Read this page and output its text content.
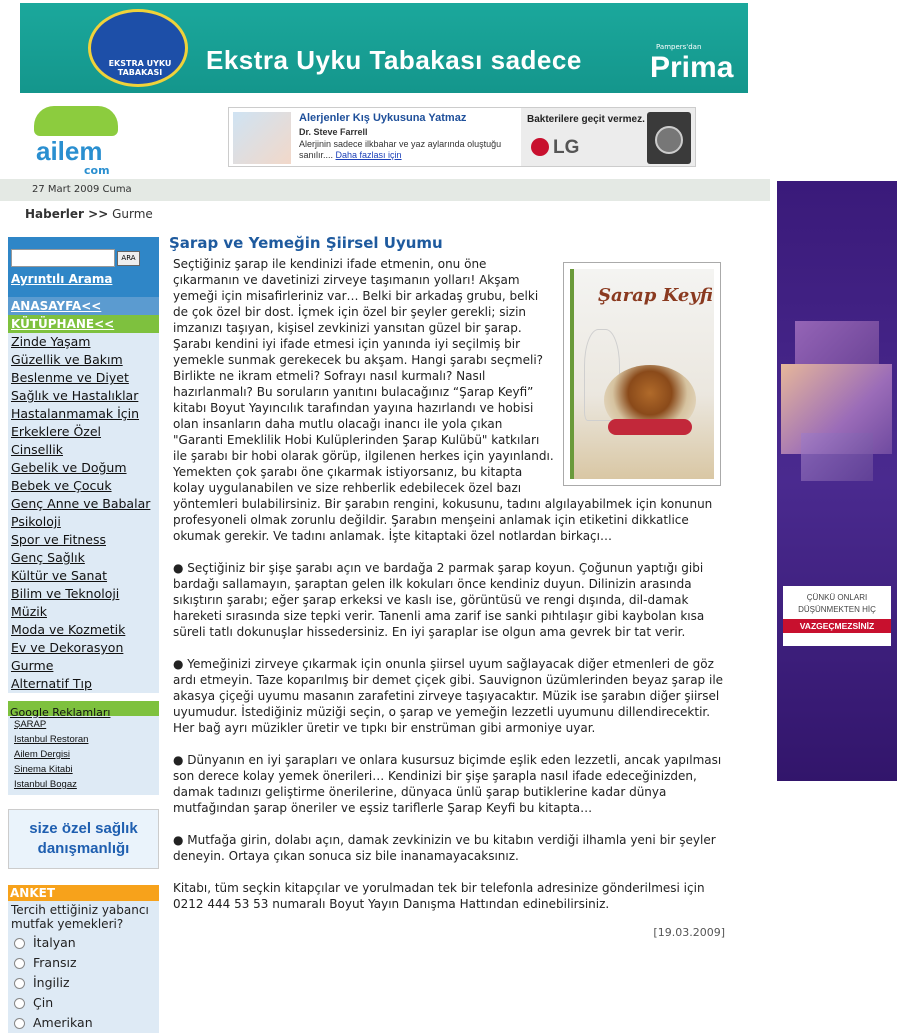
EKSTRA UYKU TABAKASI	Ekstra Uyku Tabakası sadece	Pampers'dan
Prima
ailem
com
Alerjenler Kış Uykusuna Yatmaz
Dr. Steve Farrell
Alerjinin sadece ilkbahar ve yaz aylarında oluştuğu sanılır.... Daha fazlası için
Bakterilere geçit vermez.
LG
27 Mart 2009 Cuma
Haberler >> Gurme
ARA
Ayrıntılı Arama
ANASAYFA<<
KÜTÜPHANE<<
Zinde Yaşam
Güzellik ve Bakım
Beslenme ve Diyet
Sağlık ve Hastalıklar
Hastalanmamak İçin
Erkeklere Özel
Cinsellik
Gebelik ve Doğum
Bebek ve Çocuk
Genç Anne ve Babalar
Psikoloji
Spor ve Fitness
Genç Sağlık
Kültür ve Sanat
Bilim ve Teknoloji
Müzik
Moda ve Kozmetik
Ev ve Dekorasyon
Gurme
Alternatif Tıp
Google Reklamları
ŞARAP
Istanbul Restoran
Ailem Dergisi
Sinema Kitabi
Istanbul Bogaz
size özel sağlık
danışmanlığı
ANKET
Tercih ettiğiniz yabancı mutfak yemekleri?
İtalyan
Fransız
İngiliz
Çin
Amerikan
Şarap ve Yemeğin Şiirsel Uyumu
Şarap Keyfi

Seçtiğiniz şarap ile kendinizi ifade etmenin, onu öne çıkarmanın ve davetinizi zirveye taşımanın yolları! Akşam yemeği için misafirleriniz var… Belki bir arkadaş grubu, belki de çok özel bir dost. İçmek için özel bir şeyler gerekli; sizin imzanızı taşıyan, kişisel zevkinizi yansıtan güzel bir şarap. Şarabı kendini iyi ifade etmesi için yanında iyi seçilmiş bir yemekle sunmak gerekecek bu akşam. Hangi şarabı seçmeli? Birlikte ne ikram etmeli? Sofrayı nasıl kurmalı? Nasıl hazırlanmalı? Bu soruların yanıtını bulacağınız “Şarap Keyfi” kitabı Boyut Yayıncılık tarafından yayına hazırlandı ve hobisi olan insanların daha mutlu olacağı inancı ile yola çıkan "Garanti Emeklilik Hobi Kulüplerinden Şarap Kulübü" katkıları ile şarabı bir hobi olarak görüp, ilgilenen herkes için yayınlandı. Yemekten çok şarabı öne çıkarmak istiyorsanız, bu kitapta kolay uygulanabilen ve size rehberlik edebilecek özel bazı yöntemleri bulabilirsiniz. Bir şarabın rengini, kokusunu, tadını algılayabilmek için konunun profesyoneli olmak zorunlu değildir. Şarabın menşeini anlamak için etiketini dikkatlice okumak gerekir. Ve tadını anlamak. İşte kitaptaki özel notlardan birkaçı…

● Seçtiğiniz bir şişe şarabı açın ve bardağa 2 parmak şarap koyun. Çoğunun yaptığı gibi bardağı sallamayın, şaraptan gelen ilk kokuları önce kendiniz duyun. Dilinizin arasında sıkıştırın şarabı; eğer şarap erkeksi ve kaslı ise, görüntüsü ve rengi dışında, dil-damak hareketi sırasında size tepki verir. Tanenli ama zarif ise sanki pıhtılaşır gibi kaybolan kısa süreli tatlı dokunuşlar hissedersiniz. En iyi şaraplar ise olgun ama gevrek bir tat verir.

● Yemeğinizi zirveye çıkarmak için onunla şiirsel uyum sağlayacak diğer etmenleri de göz ardı etmeyin. Taze koparılmış bir demet çiçek gibi. Sauvignon üzümlerinden beyaz şarap ile akasya çiçeği uyumu masanın zarafetini zirveye taşıyacaktır. Müzik ise şarabın diğer şiirsel uyumudur. İstediğiniz müziği seçin, o şarap ve yemeğin lezzetli uyumunu dillendirecektir. Her bağ ayrı müzikler üretir ve tıpkı bir enstrüman gibi armoniye uyar.

● Dünyanın en iyi şarapları ve onlara kusursuz biçimde eşlik eden lezzetli, ancak yapılması son derece kolay yemek önerileri… Kendinizi bir şişe şarapla nasıl ifade edeceğinizden, damak tadınızı geliştirme önerilerine, dünyaca ünlü şarap butiklerine kadar dünya mutfağından şarap öneriler ve eşsiz tariflerle Şarap Keyfi bu kitapta…

● Mutfağa girin, dolabı açın, damak zevkinizin ve bu kitabın verdiği ilhamla yeni bir şeyler deneyin. Ortaya çıkan sonuca siz bile inanamayacaksınız.

Kitabı, tüm seçkin kitapçılar ve yorulmadan tek bir telefonla adresinize gönderilmesi için 0212 444 53 53 numaralı Boyut Yayın Danışma Hattından edinebilirsiniz.

[19.03.2009]
ÇÜNKÜ ONLARI
DÜŞÜNMEKTEN HİÇ
VAZGEÇMEZSİNİZ
